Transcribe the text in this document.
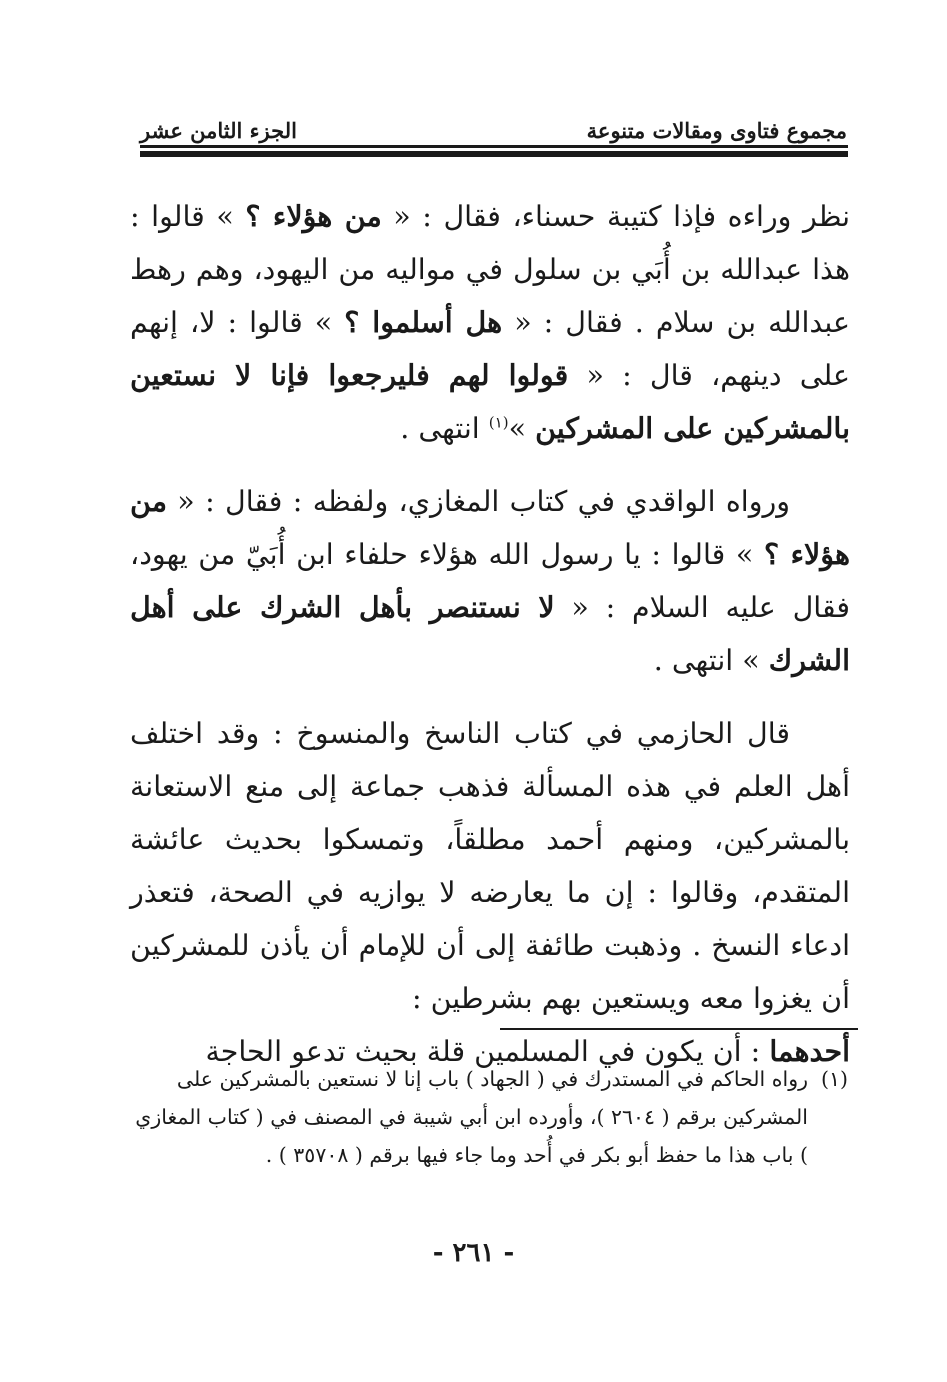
مجموع فتاوى ومقالات متنوعة
الجزء الثامن عشر

نظر وراءه فإذا كتيبة حسناء، فقال : « من هؤلاء ؟ » قالوا : هذا عبدالله بن أُبَي بن سلول في مواليه من اليهود، وهم رهط عبدالله بن سلام . فقال : « هل أسلموا ؟ » قالوا : لا، إنهم على دينهم، قال : « قولوا لهم فليرجعوا فإنا لا نستعين بالمشركين على المشركين »$^{(١)}$ انتهى .

ورواه الواقدي في كتاب المغازي، ولفظه : فقال : « من هؤلاء ؟ » قالوا : يا رسول الله هؤلاء حلفاء ابن أُبَيّ من يهود، فقال عليه السلام : « لا نستنصر بأهل الشرك على أهل الشرك » انتهى .

قال الحازمي في كتاب الناسخ والمنسوخ : وقد اختلف أهل العلم في هذه المسألة فذهب جماعة إلى منع الاستعانة بالمشركين، ومنهم أحمد مطلقاً، وتمسكوا بحديث عائشة المتقدم، وقالوا : إن ما يعارضه لا يوازيه في الصحة، فتعذر ادعاء النسخ . وذهبت طائفة إلى أن للإمام أن يأذن للمشركين أن يغزوا معه ويستعين بهم بشرطين :

أحدهما : أن يكون في المسلمين قلة بحيث تدعو الحاجة

(١)
رواه الحاكم في المستدرك في ( الجهاد ) باب إنا لا نستعين بالمشركين على المشركين برقم ( ٢٦٠٤ )، وأورده ابن أبي شيبة في المصنف في ( كتاب المغازي ) باب هذا ما حفظ أبو بكر في أُحد وما جاء فيها برقم ( ٣٥٧٠٨ ) .
- ٢٦١ -
